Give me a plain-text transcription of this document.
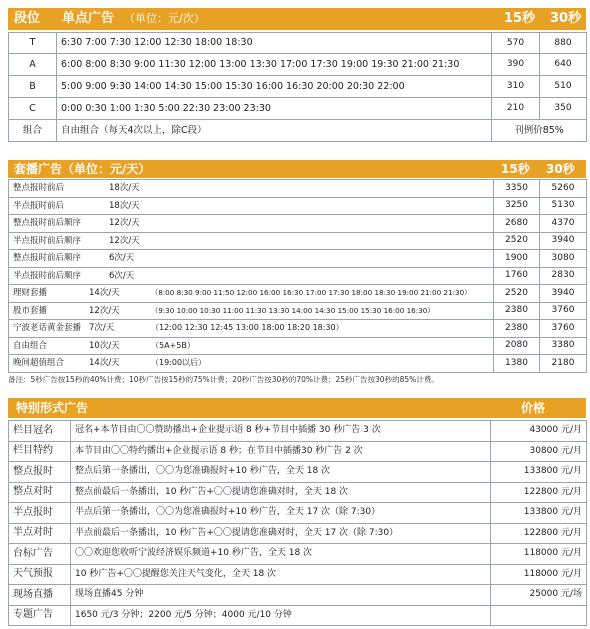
段位 单点广告 （单位：元/次）	15秒 30秒
T	6:30 7:00 7:30 12:00 12:30 18:00 18:30	570	880
A	6:00 8:00 8:30 9:00 11:30 12:00 13:00 13:30 17:00 17:30 19:00 19:30 21:00 21:30	390	640
B	5:00 9:00 9:30 14:00 14:30 15:00 15:30 16:00 16:30 20:00 20:30 22:00	310	510
C	0:00 0:30 1:00 1:30 5:00 22:30 23:00 23:30	210	350
组合	自由组合（每天4次以上，除C段）	刊例价85%	
套播广告（单位：元/天）	15秒 30秒
整点报时前后 18次/天	3350	5260
半点报时前后 18次/天	3250	5130
整点报时前后顺序 12次/天	2680	4370
半点报时前后顺序 12次/天	2520	3940
整点报时前后顺序 6次/天	1900	3080
半点报时前后顺序 6次/天	1760	2830
理财套播 14次/天 （8:00 8:30 9:00 11:50 12:00 16:00 16:30 17:00 17:30 18:00 18:30 19:00 21:00 21:30）	2520	3940
股市套播 12次/天 （9:30 10:00 10:30 11:00 11:30 13:30 14:00 14:30 15:00 15:30 16:00 16:30）	2380	3760
宁波老话黄金套播 7次/天 （12:00 12:30 12:45 13:00 18:00 18:20 18:30）	2380	3760
自由组合 10次/天 （5A+5B）	2080	3380
晚间超值组合 14次/天 （19:00以后）	1380	2180
备注：5秒广告按15秒的40%计费；10秒广告按15秒的75%计费；20秒广告按30秒的70%计费；25秒广告按30秒的85%计费。
特别形式广告	价格
栏目冠名	冠名+本节目由〇〇赞助播出+企业提示语 8 秒+节目中插播 30 秒广告 3 次	43000 元/月
栏目特约	本节目由〇〇特约播出+企业提示语 8 秒；在节目中插播30 秒广告 2 次	30800 元/月
整点报时	整点后第一条播出，〇〇为您准确报时+10 秒广告，全天 18 次	133800 元/月
整点对时	整点前最后一条播出，10 秒广告+〇〇提请您准确对时，全天 18 次	122800 元/月
半点报时	半点后第一条播出，〇〇为您准确报时+10 秒广告，全天 17 次（除 7:30）	133800 元/月
半点对时	半点前最后一条播出，10 秒广告+〇〇提请您准确对时，全天 17 次（除 7:30）	122800 元/月
台标广告	〇〇欢迎您收听宁波经济娱乐频道+10 秒广告，全天 18 次	118000 元/月
天气预报	10 秒广告+〇〇提醒您关注天气变化，全天 18 次	118000 元/月
现场直播	现场直播45 分钟	25000 元/场
专题广告	1650 元/3 分钟；2200 元/5 分钟；4000 元/10 分钟	
